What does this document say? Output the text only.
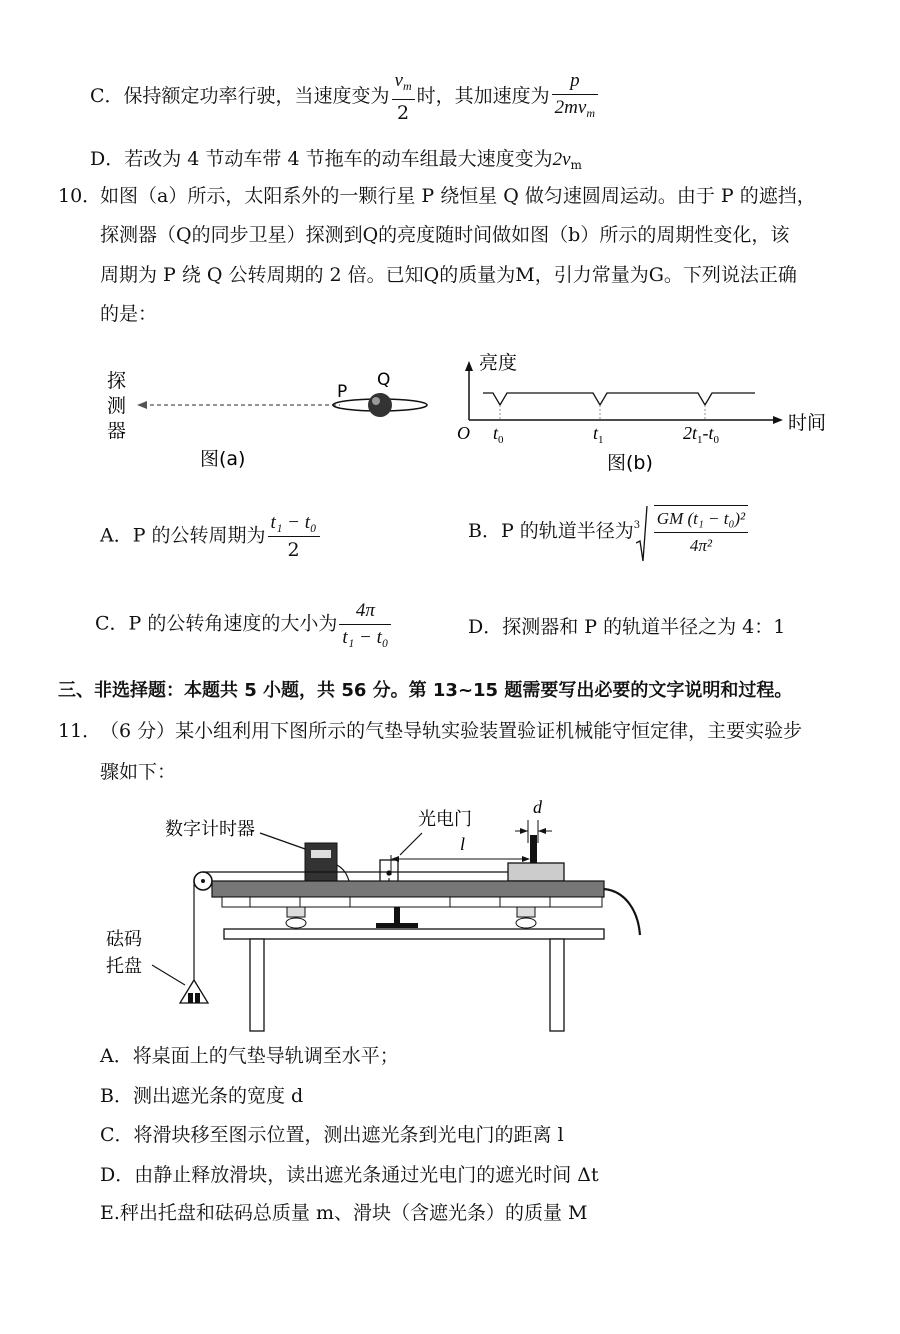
C．保持额定功率行驶，当速度变为 $\frac{v_m}{2}$ 时，其加速度为 $\frac{p}{2mv_m}$
D．若改为 4 节动车带 4 节拖车的动车组最大速度变为$2v_m$
10．
如图（a）所示，太阳系外的一颗行星 P 绕恒星 Q 做匀速圆周运动。由于 P 的遮挡，
探测器（Q的同步卫星）探测到Q的亮度随时间做如图（b）所示的周期性变化，该
周期为 P 绕 Q 公转周期的 2 倍。已知Q的质量为M，引力常量为G。下列说法正确
的是：
探
测
器
P
Q
图(a)
亮度
时间
O $t_0$	$t_1$	$2t_1-t_0$
图(b)
A．P 的公转周期为 $\frac{\text{t₁ − t₀}}{2}$	B．P 的轨道半径为 $3 \frac{\text{GM (t₁ − t₀)²}}{\text{4π²}}$
C．P 的公转角速度的大小为 $\frac{4\pi}{\text{t₁ − t₀}}$	D．探测器和 P 的轨道半径之为 4：1
三、非选择题：本题共 5 小题，共 56 分。第 13~15 题需要写出必要的文字说明和过程。
11．
（6 分）某小组利用下图所示的气垫导轨实验装置验证机械能守恒定律，主要实验步
骤如下：
数字计时器	光电门
l
d
砝码
托盘
A．将桌面上的气垫导轨调至水平；
B．测出遮光条的宽度 d
C．将滑块移至图示位置，测出遮光条到光电门的距离 l
D．由静止释放滑块，读出遮光条通过光电门的遮光时间 Δt
E.秤出托盘和砝码总质量 m、滑块（含遮光条）的质量 M
